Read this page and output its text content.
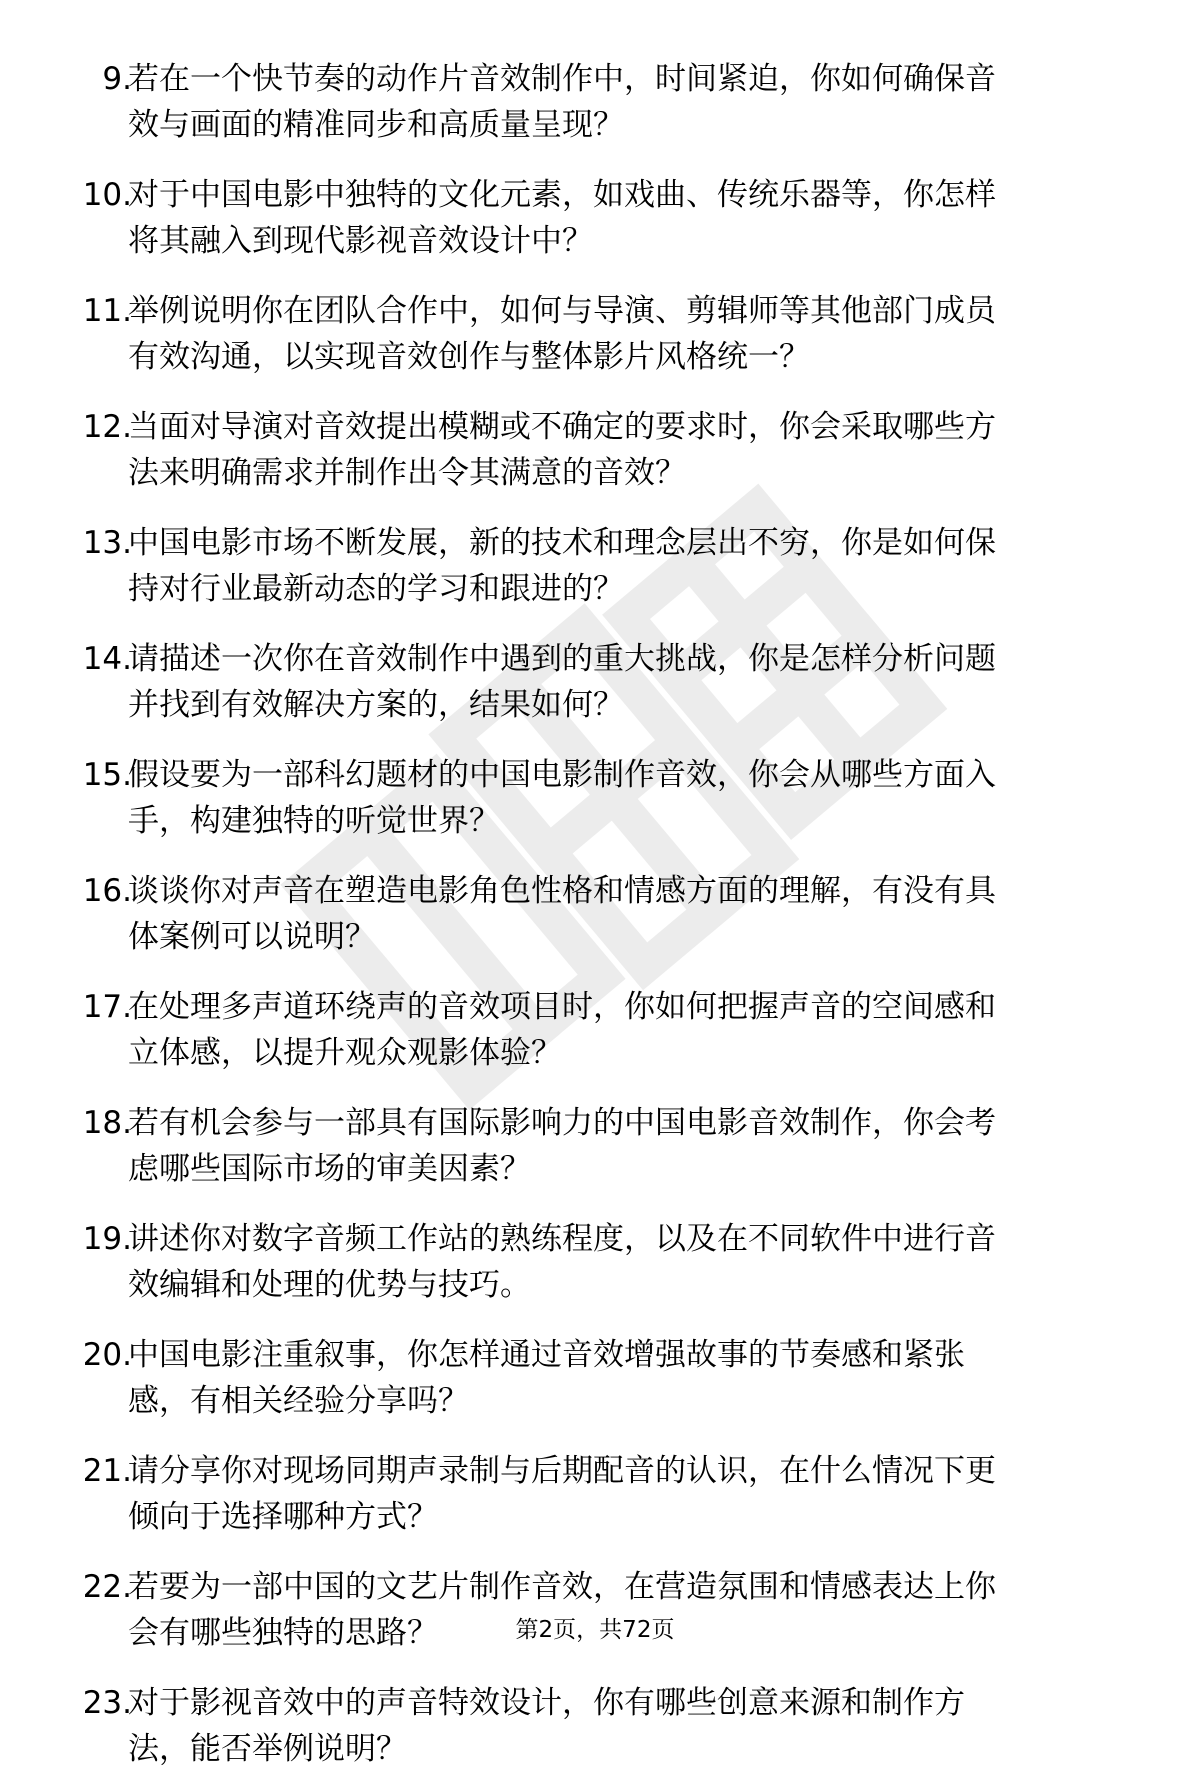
9.
若在一个快节奏的动作片音效制作中，时间紧迫，你如何确保音
效与画面的精准同步和高质量呈现？
10.
对于中国电影中独特的文化元素，如戏曲、传统乐器等，你怎样
将其融入到现代影视音效设计中？
11.
举例说明你在团队合作中，如何与导演、剪辑师等其他部门成员
有效沟通，以实现音效创作与整体影片风格统一？
12.
当面对导演对音效提出模糊或不确定的要求时，你会采取哪些方
法来明确需求并制作出令其满意的音效？
13.
中国电影市场不断发展，新的技术和理念层出不穷，你是如何保
持对行业最新动态的学习和跟进的？
14.
请描述一次你在音效制作中遇到的重大挑战，你是怎样分析问题
并找到有效解决方案的，结果如何？
15.
假设要为一部科幻题材的中国电影制作音效，你会从哪些方面入
手，构建独特的听觉世界？
16.
谈谈你对声音在塑造电影角色性格和情感方面的理解，有没有具
体案例可以说明？
17.
在处理多声道环绕声的音效项目时，你如何把握声音的空间感和
立体感，以提升观众观影体验？
18.
若有机会参与一部具有国际影响力的中国电影音效制作，你会考
虑哪些国际市场的审美因素？
19.
讲述你对数字音频工作站的熟练程度，以及在不同软件中进行音
效编辑和处理的优势与技巧。
20.
中国电影注重叙事，你怎样通过音效增强故事的节奏感和紧张
感，有相关经验分享吗？
21.
请分享你对现场同期声录制与后期配音的认识，在什么情况下更
倾向于选择哪种方式？
22.
若要为一部中国的文艺片制作音效，在营造氛围和情感表达上你
会有哪些独特的思路？
23.
对于影视音效中的声音特效设计，你有哪些创意来源和制作方
法，能否举例说明？
第2页，共72页
